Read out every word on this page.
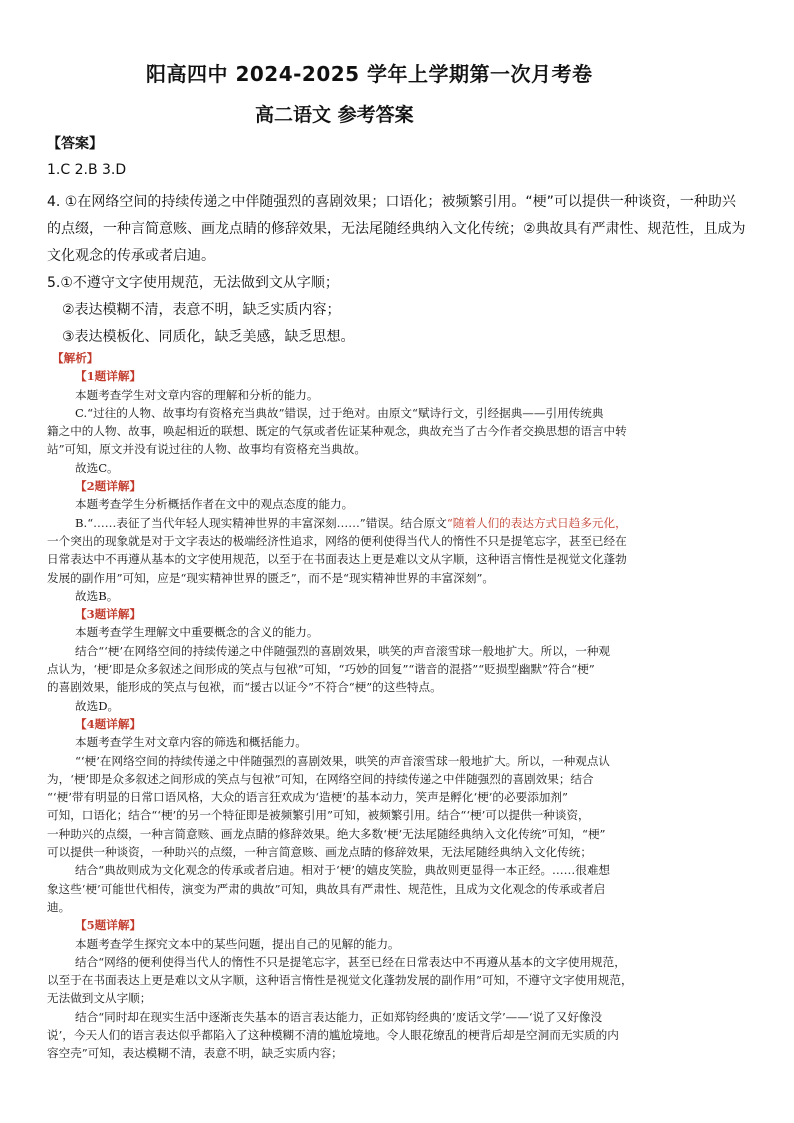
阳高四中 2024-2025 学年上学期第一次月考卷
高二语文 参考答案
【答案】
1.C 2.B 3.D
4. ①在网络空间的持续传递之中伴随强烈的喜剧效果；口语化；被频繁引用。“梗”可以提供一种谈资，一种助兴
的点缀，一种言简意赅、画龙点睛的修辞效果，无法尾随经典纳入文化传统；②典故具有严肃性、规范性，且成为
文化观念的传承或者启迪。
5.①不遵守文字使用规范，无法做到文从字顺；
②表达模糊不清，表意不明，缺乏实质内容；
③表达模板化、同质化，缺乏美感，缺乏思想。
【解析】
【1题详解】
本题考查学生对文章内容的理解和分析的能力。
C.“过往的人物、故事均有资格充当典故”错误，过于绝对。由原文“赋诗行文，引经据典——引用传统典
籍之中的人物、故事，唤起相近的联想、既定的气氛或者佐证某种观念，典故充当了古今作者交换思想的语言中转
站”可知，原文并没有说过往的人物、故事均有资格充当典故。
故选C。
【2题详解】
本题考查学生分析概括作者在文中的观点态度的能力。
B.“……表征了当代年轻人现实精神世界的丰富深刻……”错误。结合原文“随着人们的表达方式日趋多元化，
一个突出的现象就是对于文字表达的极端经济性追求，网络的便利使得当代人的惰性不只是提笔忘字，甚至已经在
日常表达中不再遵从基本的文字使用规范，以至于在书面表达上更是难以文从字顺，这种语言惰性是视觉文化蓬勃
发展的副作用”可知，应是“现实精神世界的匮乏”，而不是“现实精神世界的丰富深刻”。
故选B。
【3题详解】
本题考查学生理解文中重要概念的含义的能力。
结合“‘梗’在网络空间的持续传递之中伴随强烈的喜剧效果，哄笑的声音滚雪球一般地扩大。所以，一种观
点认为，‘梗’即是众多叙述之间形成的笑点与包袱”可知，“巧妙的回复”“谐音的混搭”“贬损型幽默”符合“梗”
的喜剧效果，能形成的笑点与包袱，而“援古以证今”不符合“梗”的这些特点。
故选D。
【4题详解】
本题考查学生对文章内容的筛选和概括能力。
“‘梗’在网络空间的持续传递之中伴随强烈的喜剧效果，哄笑的声音滚雪球一般地扩大。所以，一种观点认
为，‘梗’即是众多叙述之间形成的笑点与包袱”可知，在网络空间的持续传递之中伴随强烈的喜剧效果；结合
“‘梗’带有明显的日常口语风格，大众的语言狂欢成为‘造梗’的基本动力，笑声是孵化‘梗’的必要添加剂”
可知，口语化；结合“‘梗’的另一个特征即是被频繁引用”可知，被频繁引用。结合“‘梗’可以提供一种谈资，
一种助兴的点缀，一种言简意赅、画龙点睛的修辞效果。绝大多数‘梗’无法尾随经典纳入文化传统”可知，“梗”
可以提供一种谈资，一种助兴的点缀，一种言简意赅、画龙点睛的修辞效果，无法尾随经典纳入文化传统；
结合“典故则成为文化观念的传承或者启迪。相对于‘梗’的嬉皮笑脸，典故则更显得一本正经。……很难想
象这些‘梗’可能世代相传，演变为严肃的典故”可知，典故具有严肃性、规范性，且成为文化观念的传承或者启
迪。
【5题详解】
本题考查学生探究文本中的某些问题，提出自己的见解的能力。
结合“网络的便利使得当代人的惰性不只是提笔忘字，甚至已经在日常表达中不再遵从基本的文字使用规范，
以至于在书面表达上更是难以文从字顺，这种语言惰性是视觉文化蓬勃发展的副作用”可知，不遵守文字使用规范，
无法做到文从字顺；
结合“同时却在现实生活中逐渐丧失基本的语言表达能力，正如郑钧经典的‘废话文学’——‘说了又好像没
说’，今天人们的语言表达似乎都陷入了这种模糊不清的尴尬境地。令人眼花缭乱的梗背后却是空洞而无实质的内
容空壳”可知，表达模糊不清，表意不明，缺乏实质内容；
